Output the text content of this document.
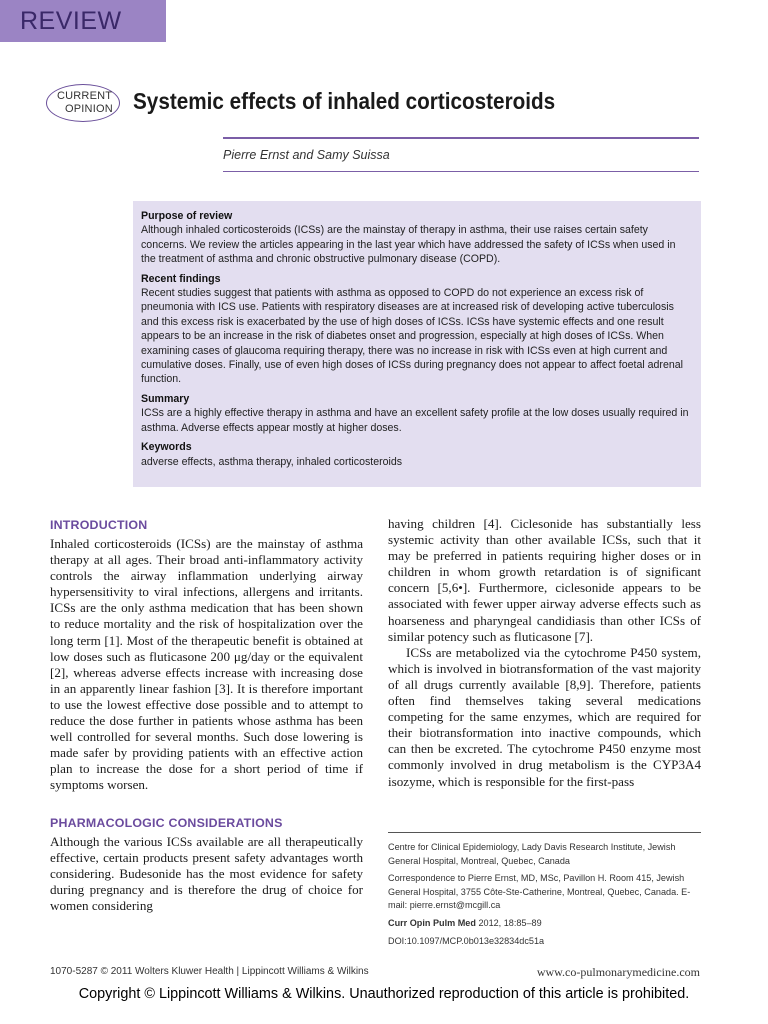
REVIEW
CURRENT
OPINION Systemic effects of inhaled corticosteroids
Pierre Ernst and Samy Suissa

Purpose of review

Although inhaled corticosteroids (ICSs) are the mainstay of therapy in asthma, their use raises certain safety concerns. We review the articles appearing in the last year which have addressed the safety of ICSs when used in the treatment of asthma and chronic obstructive pulmonary disease (COPD).

Recent findings

Recent studies suggest that patients with asthma as opposed to COPD do not experience an excess risk of pneumonia with ICS use. Patients with respiratory diseases are at increased risk of developing active tuberculosis and this excess risk is exacerbated by the use of high doses of ICSs. ICSs have systemic effects and one result appears to be an increase in the risk of diabetes onset and progression, especially at high doses of ICSs. When examining cases of glaucoma requiring therapy, there was no increase in risk with ICSs even at high current and cumulative doses. Finally, use of even high doses of ICSs during pregnancy does not appear to affect foetal adrenal function.

Summary

ICSs are a highly effective therapy in asthma and have an excellent safety profile at the low doses usually required in asthma. Adverse effects appear mostly at higher doses.

Keywords

adverse effects, asthma therapy, inhaled corticosteroids

INTRODUCTION

Inhaled corticosteroids (ICSs) are the mainstay of asthma therapy at all ages. Their broad anti-inflammatory activity controls the airway inflammation underlying airway hypersensitivity to viral infections, allergens and irritants. ICSs are the only asthma medication that has been shown to reduce mortality and the risk of hospitalization over the long term [1]. Most of the therapeutic benefit is obtained at low doses such as fluticasone 200 μg/day or the equivalent [2], whereas adverse effects increase with increasing dose in an apparently linear fashion [3]. It is therefore important to use the lowest effective dose possible and to attempt to reduce the dose further in patients whose asthma has been well controlled for several months. Such dose lowering is made safer by providing patients with an effective action plan to increase the dose for a short period of time if symptoms worsen.

PHARMACOLOGIC CONSIDERATIONS

Although the various ICSs available are all therapeutically effective, certain products present safety advantages worth considering. Budesonide has the most evidence for safety during pregnancy and is therefore the drug of choice for women considering

having children [4]. Ciclesonide has substantially less systemic activity than other available ICSs, such that it may be preferred in patients requiring higher doses or in children in whom growth retardation is of significant concern [5,6•]. Furthermore, ciclesonide appears to be associated with fewer upper airway adverse effects such as hoarseness and pharyngeal candidiasis than other ICSs of similar potency such as fluticasone [7].

ICSs are metabolized via the cytochrome P450 system, which is involved in biotransformation of the vast majority of all drugs currently available [8,9]. Therefore, patients often find themselves taking several medications competing for the same enzymes, which are required for their biotransformation into inactive compounds, which can then be excreted. The cytochrome P450 enzyme most commonly involved in drug metabolism is the CYP3A4 isozyme, which is responsible for the first-pass

Centre for Clinical Epidemiology, Lady Davis Research Institute, Jewish General Hospital, Montreal, Quebec, Canada

Correspondence to Pierre Ernst, MD, MSc, Pavillon H. Room 415, Jewish General Hospital, 3755 Côte-Ste-Catherine, Montreal, Quebec, Canada. E-mail: pierre.ernst@mcgill.ca

Curr Opin Pulm Med 2012, 18:85–89

DOI:10.1097/MCP.0b013e32834dc51a

1070-5287 © 2011 Wolters Kluwer Health | Lippincott Williams & Wilkins	www.co-pulmonarymedicine.com
Copyright © Lippincott Williams & Wilkins. Unauthorized reproduction of this article is prohibited.
